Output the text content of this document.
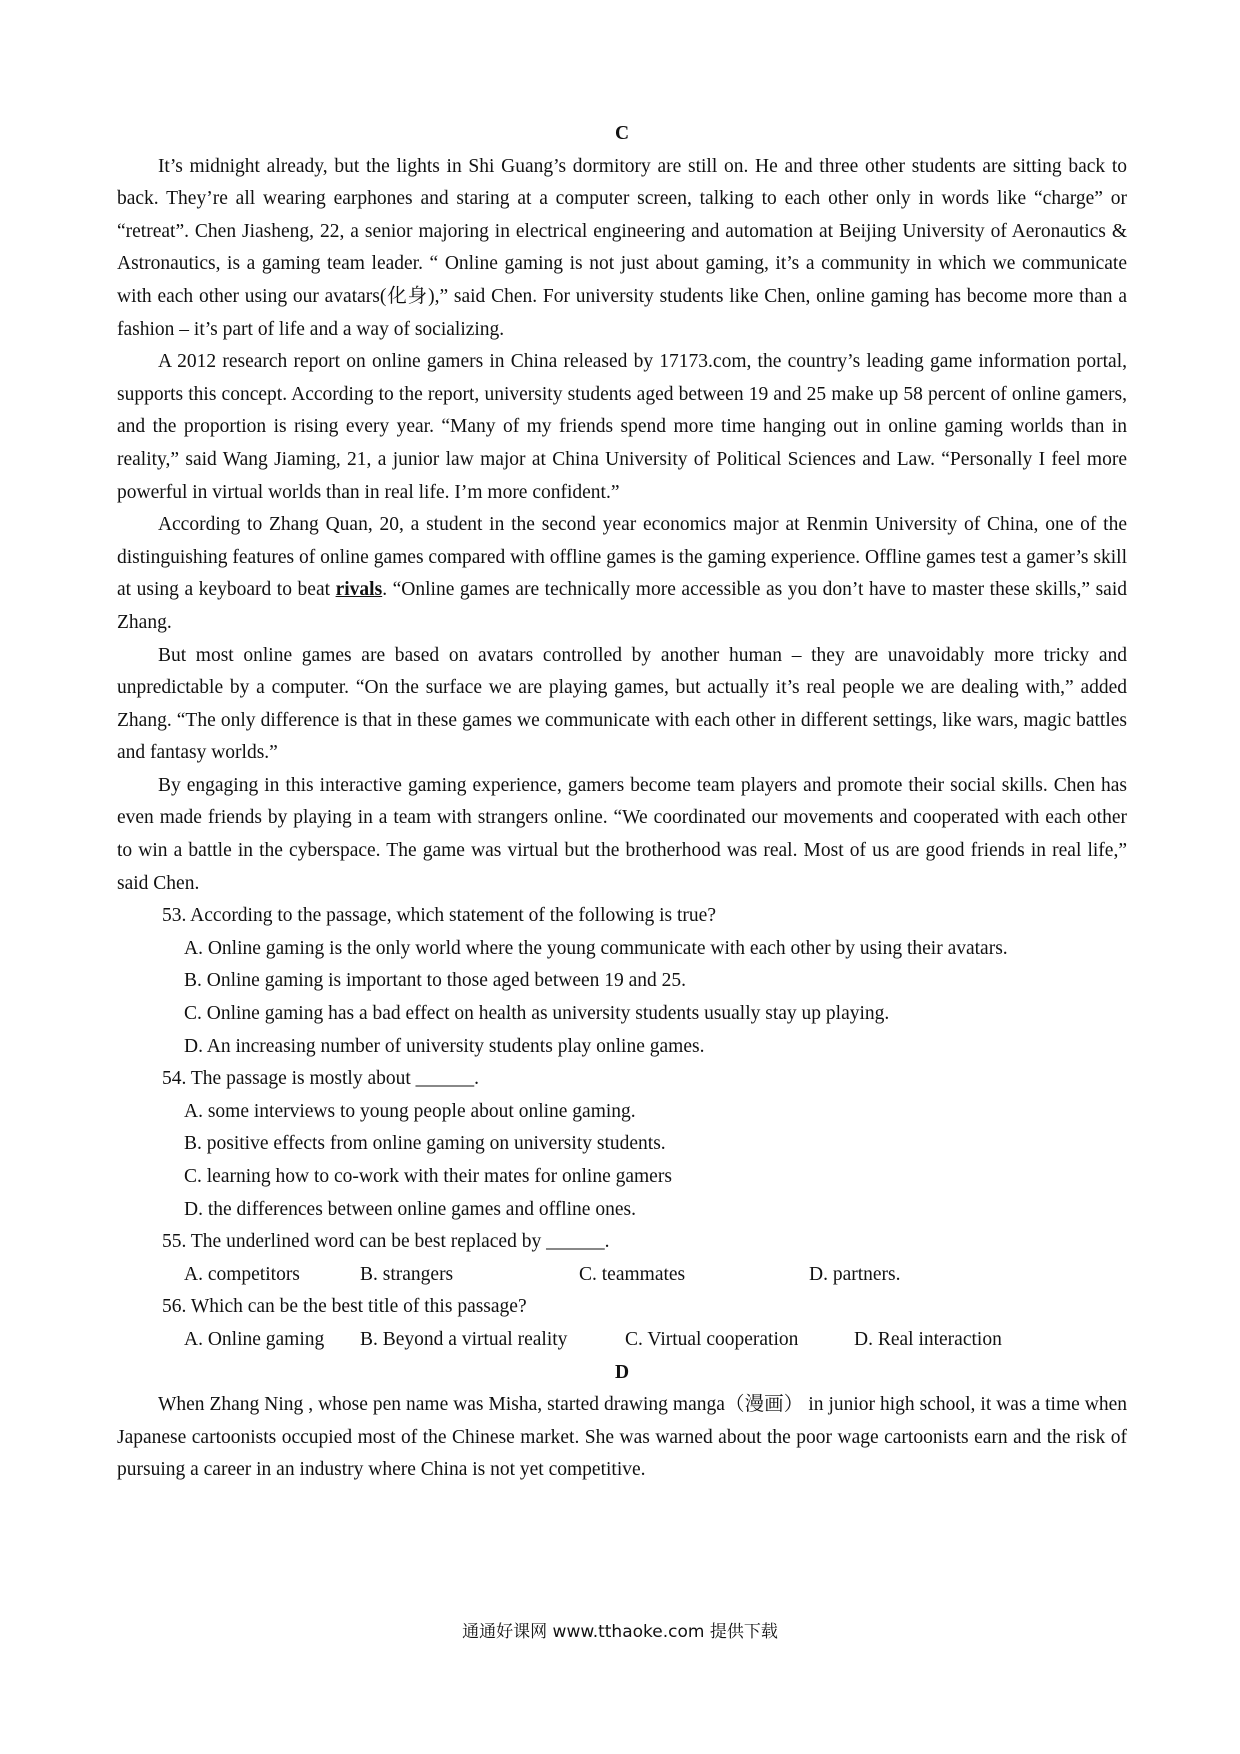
C

It’s midnight already, but the lights in Shi Guang’s dormitory are still on. He and three other students are sitting back to back. They’re all wearing earphones and staring at a computer screen, talking to each other only in words like “charge” or “retreat”. Chen Jiasheng, 22, a senior majoring in electrical engineering and automation at Beijing University of Aeronautics & Astronautics, is a gaming team leader. “ Online gaming is not just about gaming, it’s a community in which we communicate with each other using our avatars(化身),” said Chen. For university students like Chen, online gaming has become more than a fashion – it’s part of life and a way of socializing.

A 2012 research report on online gamers in China released by 17173.com, the country’s leading game information portal, supports this concept. According to the report, university students aged between 19 and 25 make up 58 percent of online gamers, and the proportion is rising every year. “Many of my friends spend more time hanging out in online gaming worlds than in reality,” said Wang Jiaming, 21, a junior law major at China University of Political Sciences and Law. “Personally I feel more powerful in virtual worlds than in real life. I’m more confident.”

According to Zhang Quan, 20, a student in the second year economics major at Renmin University of China, one of the distinguishing features of online games compared with offline games is the gaming experience. Offline games test a gamer’s skill at using a keyboard to beat rivals. “Online games are technically more accessible as you don’t have to master these skills,” said Zhang.

But most online games are based on avatars controlled by another human – they are unavoidably more tricky and unpredictable by a computer. “On the surface we are playing games, but actually it’s real people we are dealing with,” added Zhang. “The only difference is that in these games we communicate with each other in different settings, like wars, magic battles and fantasy worlds.”

By engaging in this interactive gaming experience, gamers become team players and promote their social skills. Chen has even made friends by playing in a team with strangers online. “We coordinated our movements and cooperated with each other to win a battle in the cyberspace. The game was virtual but the brotherhood was real. Most of us are good friends in real life,” said Chen.

53. According to the passage, which statement of the following is true?

A. Online gaming is the only world where the young communicate with each other by using their avatars.

B. Online gaming is important to those aged between 19 and 25.

C. Online gaming has a bad effect on health as university students usually stay up playing.

D. An increasing number of university students play online games.

54. The passage is mostly about ______.

A. some interviews to young people about online gaming.

B. positive effects from online gaming on university students.

C. learning how to co-work with their mates for online gamers

D. the differences between online games and offline ones.

55. The underlined word can be best replaced by ______.

A. competitors	B. strangers	C. teammates	D. partners.

56. Which can be the best title of this passage?

A. Online gaming	B. Beyond a virtual reality	C. Virtual cooperation	D. Real interaction

D

When Zhang Ning , whose pen name was Misha, started drawing manga（漫画） in junior high school, it was a time when Japanese cartoonists occupied most of the Chinese market. She was warned about the poor wage cartoonists earn and the risk of pursuing a career in an industry where China is not yet competitive.

通通好课网 www.tthaoke.com 提供下载
